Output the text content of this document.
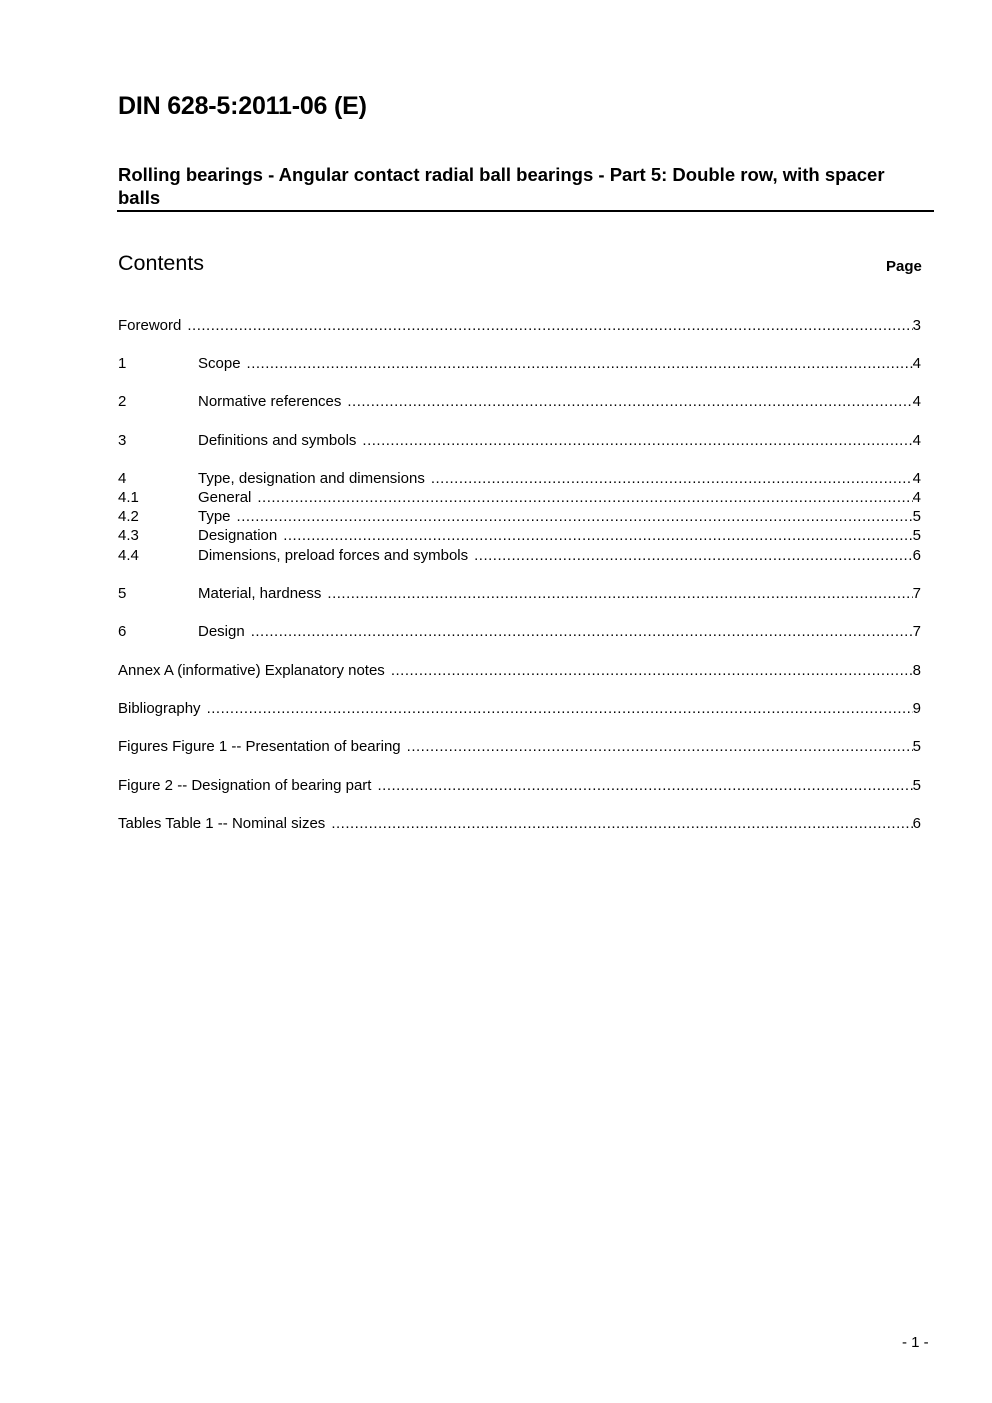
DIN 628-5:2011-06 (E)
Rolling bearings - Angular contact radial ball bearings - Part 5: Double row, with spacer balls
Contents	Page
Foreword .....	3
1	Scope .....	4
2	Normative references .....	4
3	Definitions and symbols .....	4
4	Type, designation and dimensions .....	4
4.1	General .....	4
4.2	Type .....	5
4.3	Designation .....	5
4.4	Dimensions, preload forces and symbols .....	6
5	Material, hardness .....	7
6	Design .....	7
Annex A (informative) Explanatory notes .....	8
Bibliography .....	9
Figures Figure 1 -- Presentation of bearing .....	5
Figure 2 -- Designation of bearing part .....	5
Tables Table 1 -- Nominal sizes .....	6
- 1 -
